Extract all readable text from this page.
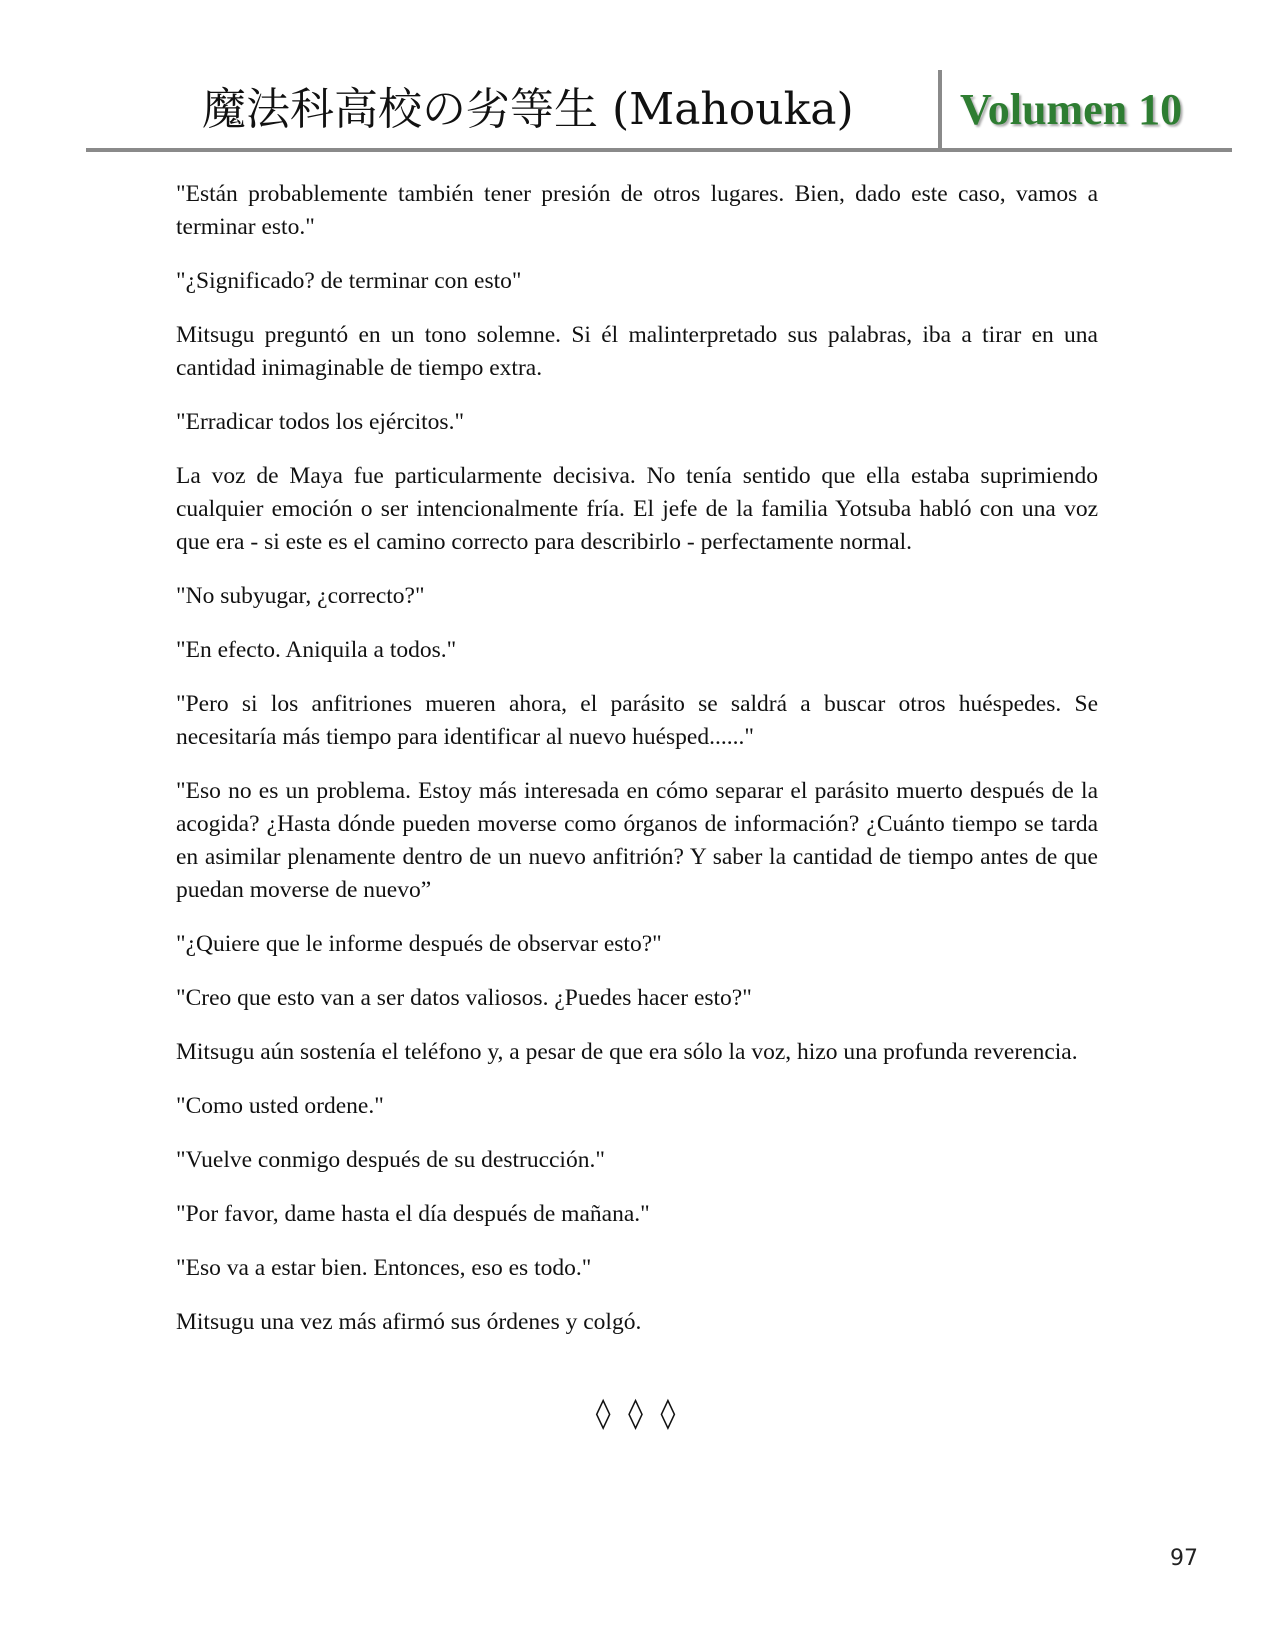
魔法科高校の劣等生 (Mahouka) Volumen 10

"Están probablemente también tener presión de otros lugares. Bien, dado este caso, vamos a terminar esto."

"¿Significado? de terminar con esto"

Mitsugu preguntó en un tono solemne. Si él malinterpretado sus palabras, iba a tirar en una cantidad inimaginable de tiempo extra.

"Erradicar todos los ejércitos."

La voz de Maya fue particularmente decisiva. No tenía sentido que ella estaba suprimiendo cualquier emoción o ser intencionalmente fría. El jefe de la familia Yotsuba habló con una voz que era - si este es el camino correcto para describirlo - perfectamente normal.

"No subyugar, ¿correcto?"

"En efecto. Aniquila a todos."

"Pero si los anfitriones mueren ahora, el parásito se saldrá a buscar otros huéspedes. Se necesitaría más tiempo para identificar al nuevo huésped......"

"Eso no es un problema. Estoy más interesada en cómo separar el parásito muerto después de la acogida? ¿Hasta dónde pueden moverse como órganos de información? ¿Cuánto tiempo se tarda en asimilar plenamente dentro de un nuevo anfitrión? Y saber la cantidad de tiempo antes de que puedan moverse de nuevo”

"¿Quiere que le informe después de observar esto?"

"Creo que esto van a ser datos valiosos. ¿Puedes hacer esto?"

Mitsugu aún sostenía el teléfono y, a pesar de que era sólo la voz, hizo una profunda reverencia.

"Como usted ordene."

"Vuelve conmigo después de su destrucción."

"Por favor, dame hasta el día después de mañana."

"Eso va a estar bien. Entonces, eso es todo."

Mitsugu una vez más afirmó sus órdenes y colgó.

◊ ◊ ◊
97
